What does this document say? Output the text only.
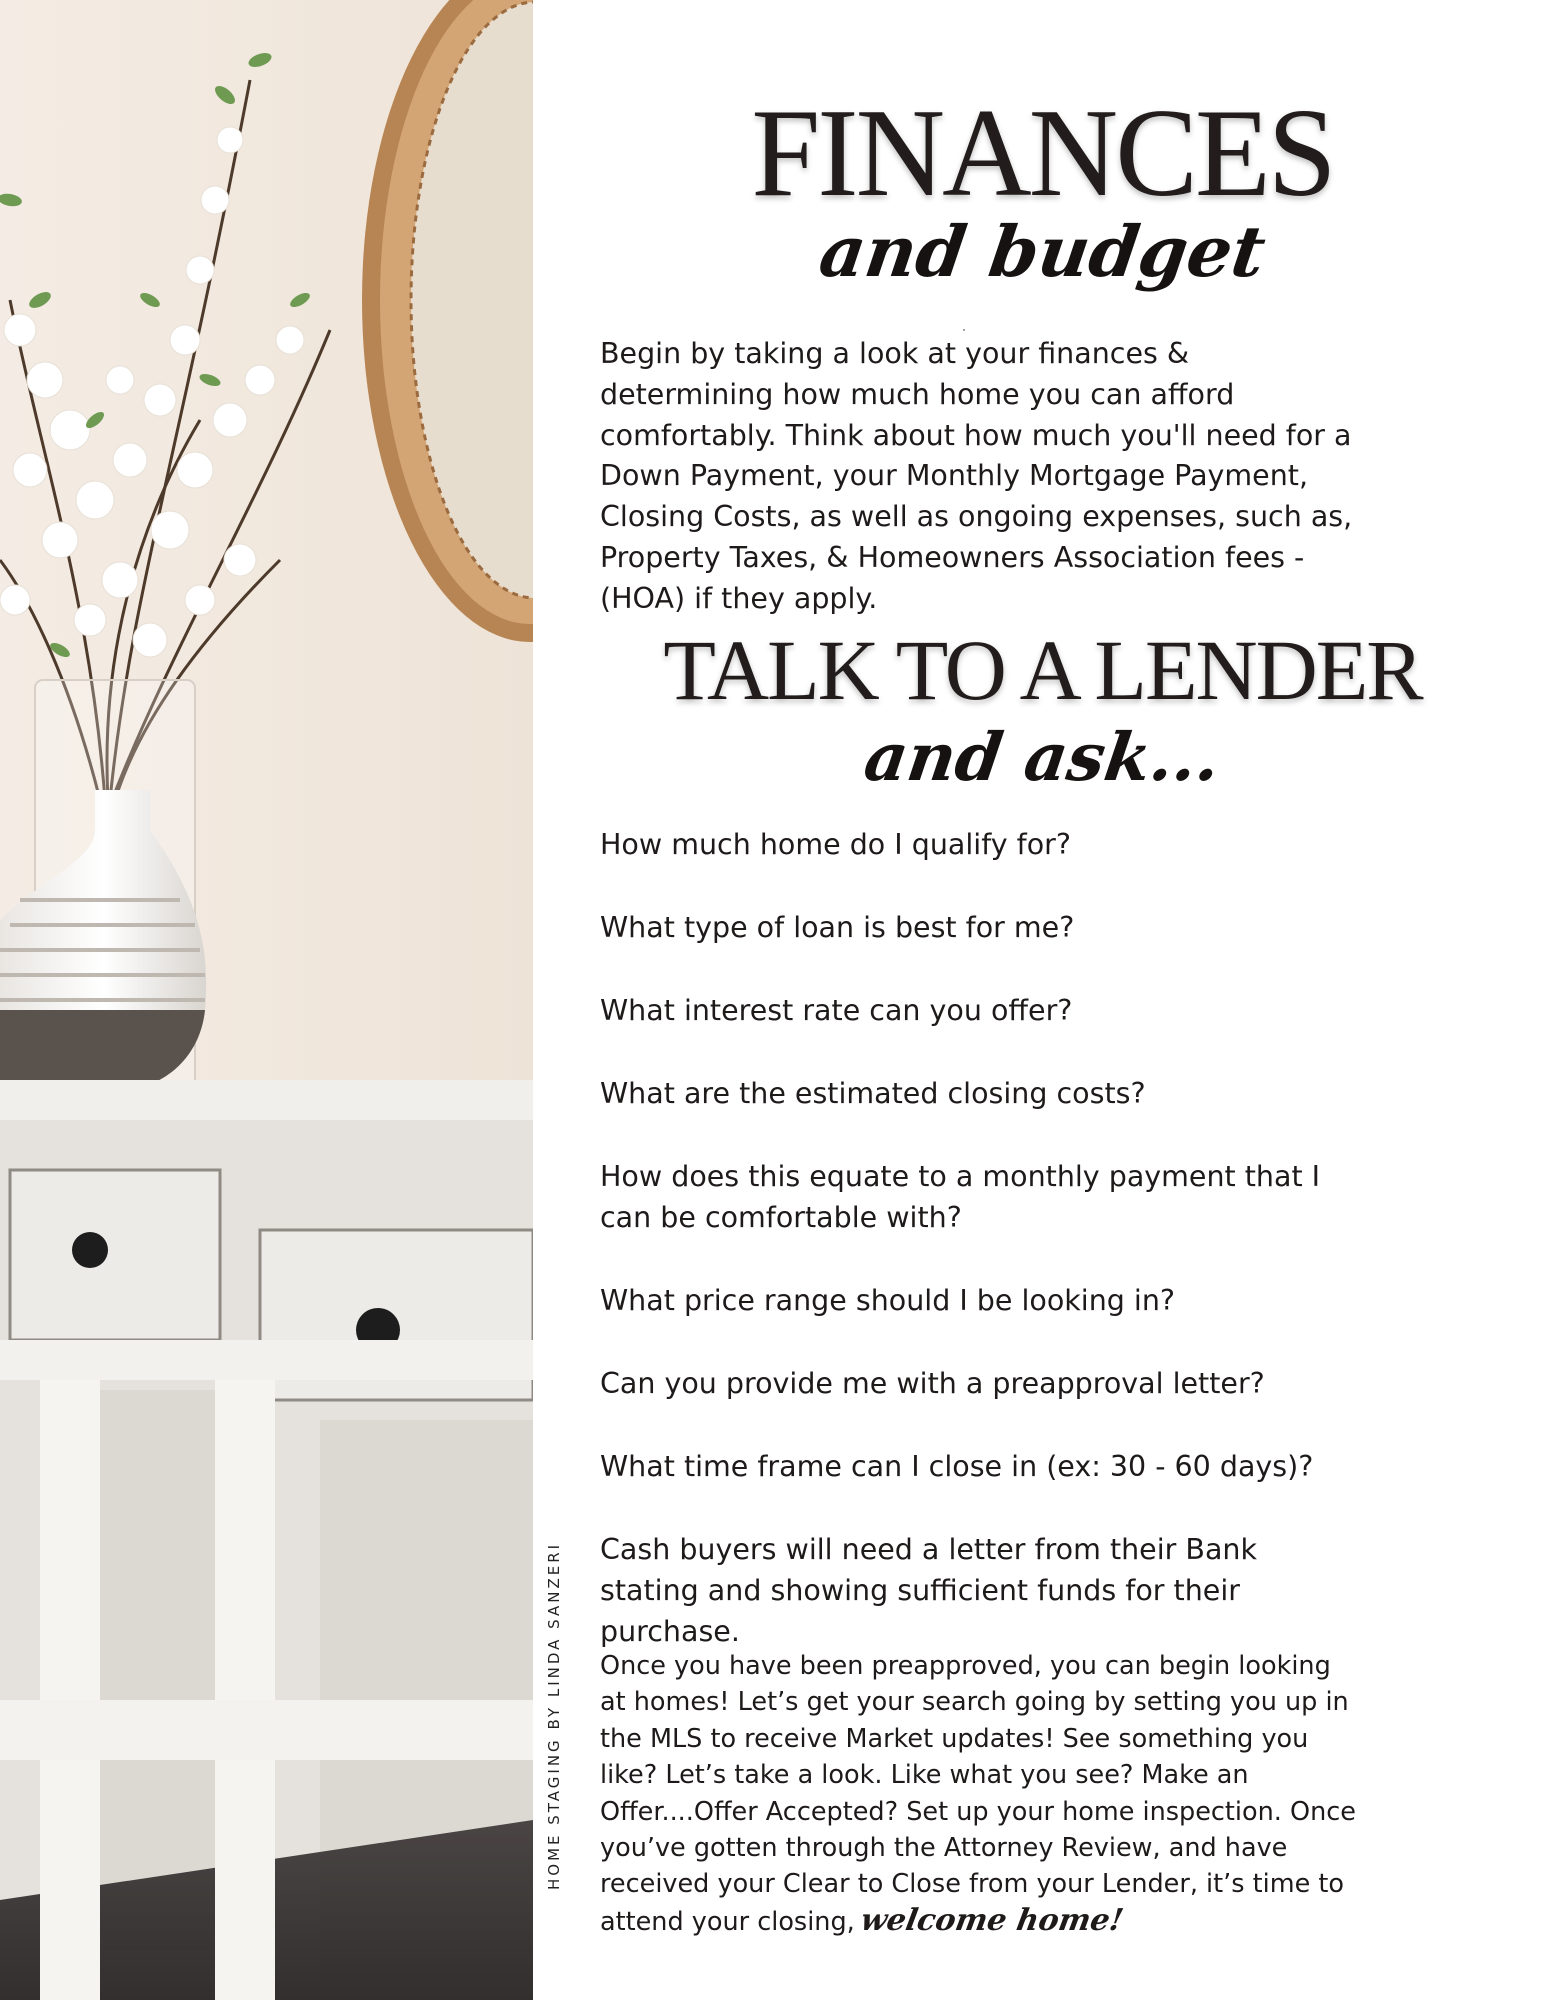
HOME STAGING BY LINDA SANZERI
FINANCES
and budget

Begin by taking a look at your finances & determining how much home you can afford comfortably. Think about how much you'll need for a Down Payment, your Monthly Mortgage Payment, Closing Costs, as well as ongoing expenses, such as, Property Taxes, & Homeowners Association fees - (HOA) if they apply.

TALK TO A LENDER
and ask...

How much home do I qualify for?

What type of loan is best for me?

What interest rate can you offer?

What are the estimated closing costs?

How does this equate to a monthly payment that I can be comfortable with?

What price range should I be looking in?

Can you provide me with a preapproval letter?

What time frame can I close in (ex: 30 - 60 days)?

Cash buyers will need a letter from their Bank stating and showing sufficient funds for their purchase.

Once you have been preapproved, you can begin looking at homes! Let’s get your search going by setting you up in the MLS to receive Market updates! See something you like? Let’s take a look. Like what you see? Make an Offer....Offer Accepted? Set up your home inspection. Once you’ve gotten through the Attorney Review, and have received your Clear to Close from your Lender, it’s time to attend your closing, welcome home!
